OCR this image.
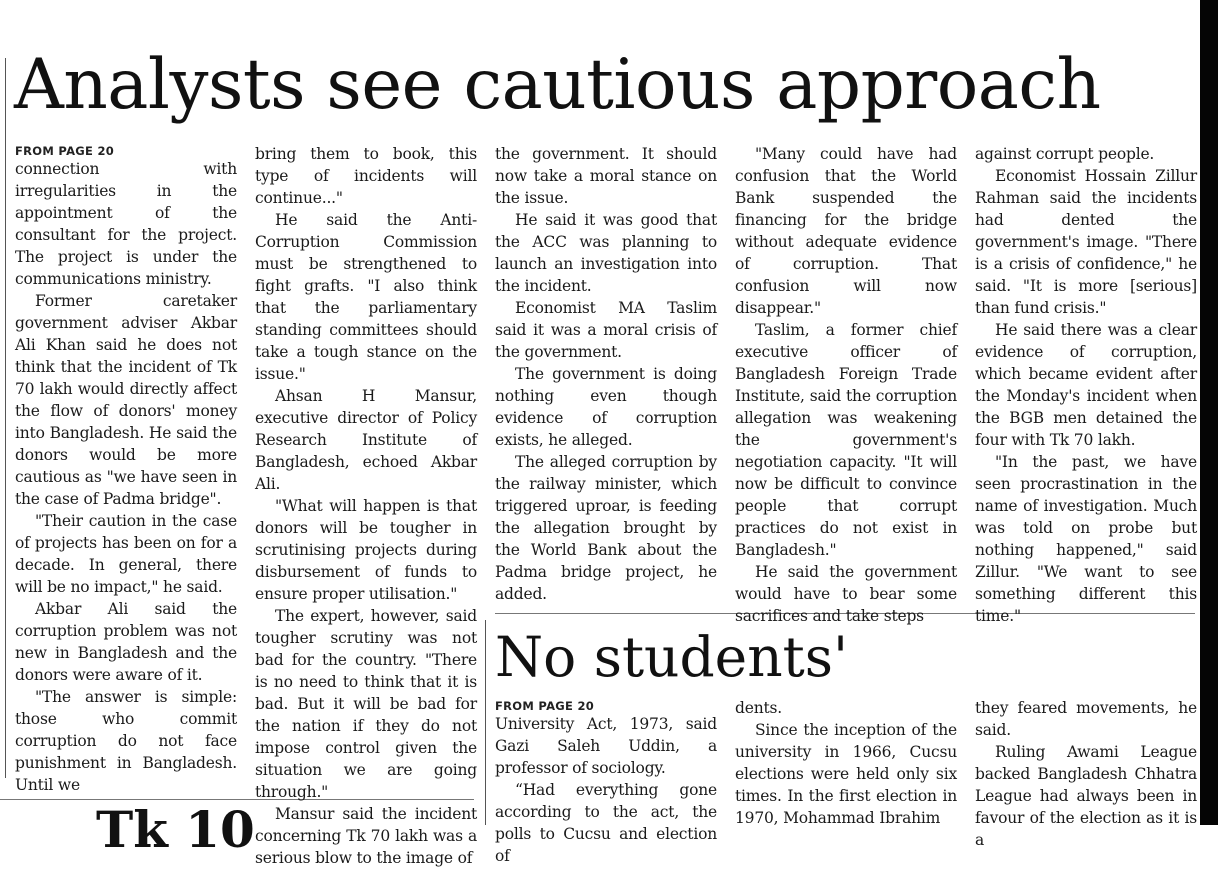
Analysts see cautious approach
FROM PAGE 20

connection with irregularities in the appointment of the consultant for the project. The project is under the communications ministry.

Former caretaker government adviser Akbar Ali Khan said he does not think that the incident of Tk 70 lakh would directly affect the flow of donors' money into Bangladesh. He said the donors would be more cautious as "we have seen in the case of Padma bridge".

"Their caution in the case of projects has been on for a decade. In general, there will be no impact," he said.

Akbar Ali said the corruption problem was not new in Bangladesh and the donors were aware of it.

"The answer is simple: those who commit corruption do not face punishment in Bangladesh. Until we

bring them to book, this type of incidents will continue..."

He said the Anti-Corruption Commission must be strengthened to fight grafts. "I also think that the parliamentary standing committees should take a tough stance on the issue."

Ahsan H Mansur, executive director of Policy Research Institute of Bangladesh, echoed Akbar Ali.

"What will happen is that donors will be tougher in scrutinising projects during disbursement of funds to ensure proper utilisation."

The expert, however, said tougher scrutiny was not bad for the country. "There is no need to think that it is bad. But it will be bad for the nation if they do not impose control given the situation we are going through."

Mansur said the incident concerning Tk 70 lakh was a serious blow to the image of

the government. It should now take a moral stance on the issue.

He said it was good that the ACC was planning to launch an investigation into the incident.

Economist MA Taslim said it was a moral crisis of the government.

The government is doing nothing even though evidence of corruption exists, he alleged.

The alleged corruption by the railway minister, which triggered uproar, is feeding the allegation brought by the World Bank about the Padma bridge project, he added.

"Many could have had confusion that the World Bank suspended the financing for the bridge without adequate evidence of corruption. That confusion will now disappear."

Taslim, a former chief executive officer of Bangladesh Foreign Trade Institute, said the corruption allegation was weakening the government's negotiation capacity. "It will now be difficult to convince people that corrupt practices do not exist in Bangladesh."

He said the government would have to bear some sacrifices and take steps

against corrupt people.

Economist Hossain Zillur Rahman said the incidents had dented the government's image. "There is a crisis of confidence," he said. "It is more [serious] than fund crisis."

He said there was a clear evidence of corruption, which became evident after the Monday's incident when the BGB men detained the four with Tk 70 lakh.

"In the past, we have seen procrastination in the name of investigation. Much was told on probe but nothing happened," said Zillur. "We want to see something different this time."

No students'
FROM PAGE 20

University Act, 1973, said Gazi Saleh Uddin, a professor of sociology.

“Had everything gone according to the act, the polls to Cucsu and election of

dents.

Since the inception of the university in 1966, Cucsu elections were held only six times. In the first election in 1970, Mohammad Ibrahim

they feared movements, he said.

Ruling Awami League backed Bangladesh Chhatra League had always been in favour of the election as it is a

Tk 10
